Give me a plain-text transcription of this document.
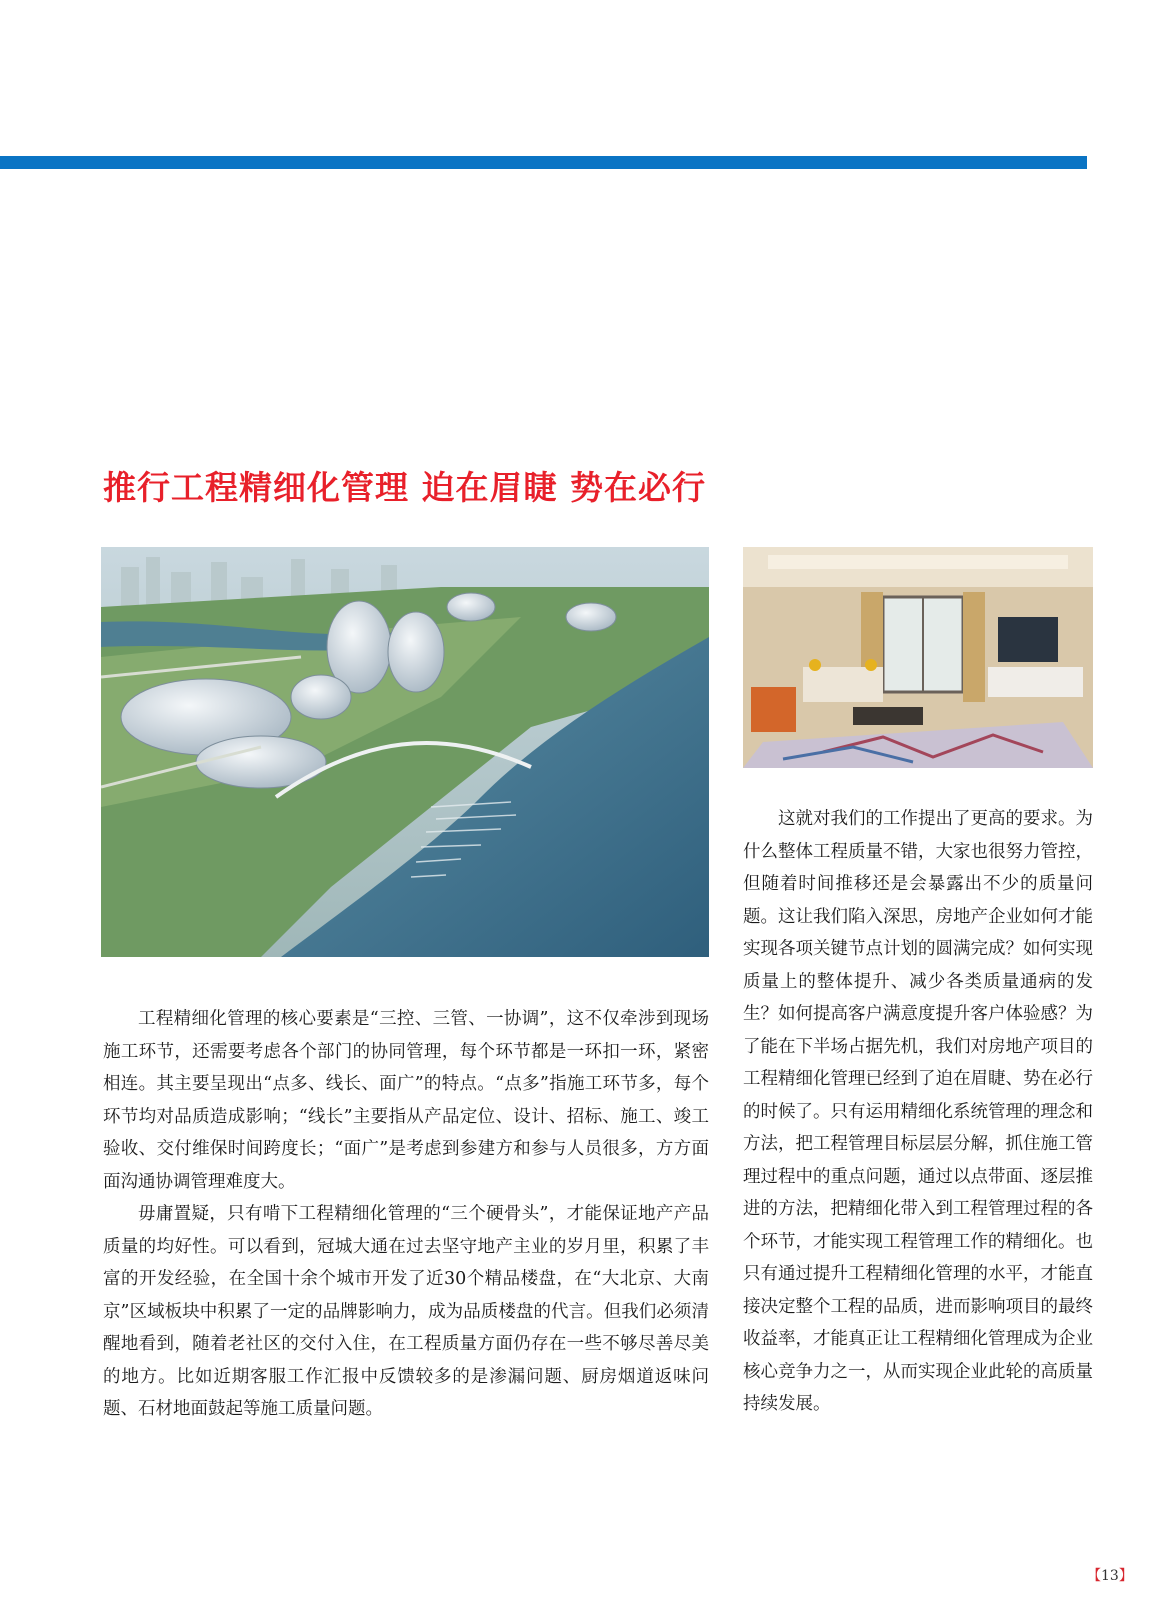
推行工程精细化管理 迫在眉睫 势在必行

工程精细化管理的核心要素是“三控、三管、一协调”，这不仅牵涉到现场施工环节，还需要考虑各个部门的协同管理，每个环节都是一环扣一环，紧密相连。其主要呈现出“点多、线长、面广”的特点。“点多”指施工环节多，每个环节均对品质造成影响；“线长”主要指从产品定位、设计、招标、施工、竣工验收、交付维保时间跨度长；“面广”是考虑到参建方和参与人员很多，方方面面沟通协调管理难度大。

毋庸置疑，只有啃下工程精细化管理的“三个硬骨头”，才能保证地产产品质量的均好性。可以看到，冠城大通在过去坚守地产主业的岁月里，积累了丰富的开发经验，在全国十余个城市开发了近30个精品楼盘，在“大北京、大南京”区域板块中积累了一定的品牌影响力，成为品质楼盘的代言。但我们必须清醒地看到，随着老社区的交付入住，在工程质量方面仍存在一些不够尽善尽美的地方。比如近期客服工作汇报中反馈较多的是渗漏问题、厨房烟道返味问题、石材地面鼓起等施工质量问题。

这就对我们的工作提出了更高的要求。为什么整体工程质量不错，大家也很努力管控，但随着时间推移还是会暴露出不少的质量问题。这让我们陷入深思，房地产企业如何才能实现各项关键节点计划的圆满完成？如何实现质量上的整体提升、减少各类质量通病的发生？如何提高客户满意度提升客户体验感？为了能在下半场占据先机，我们对房地产项目的工程精细化管理已经到了迫在眉睫、势在必行的时候了。只有运用精细化系统管理的理念和方法，把工程管理目标层层分解，抓住施工管理过程中的重点问题，通过以点带面、逐层推进的方法，把精细化带入到工程管理过程的各个环节，才能实现工程管理工作的精细化。也只有通过提升工程精细化管理的水平，才能直接决定整个工程的品质，进而影响项目的最终收益率，才能真正让工程精细化管理成为企业核心竞争力之一，从而实现企业此轮的高质量持续发展。

【13】
